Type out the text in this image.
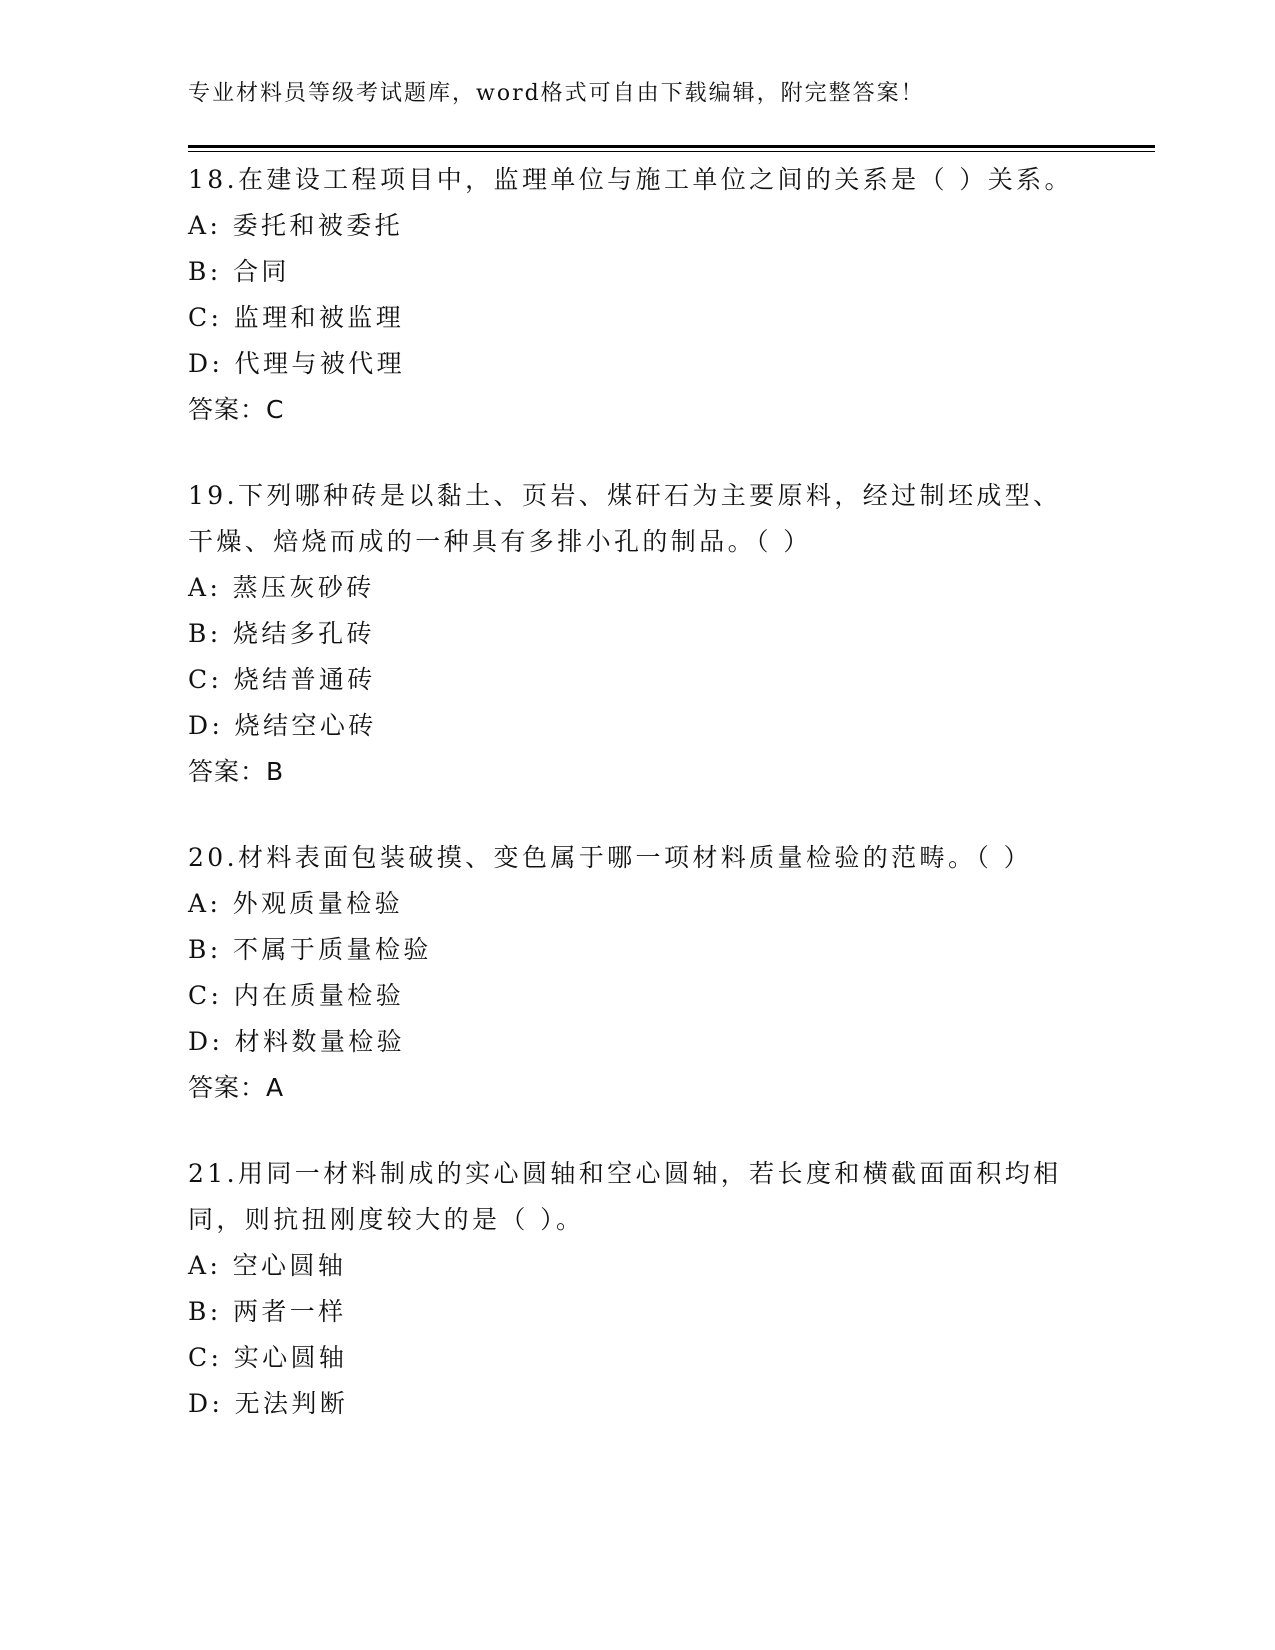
专业材料员等级考试题库，word格式可自由下载编辑，附完整答案！

18.在建设工程项目中，监理单位与施工单位之间的关系是（ ）关系。

A: 委托和被委托

B: 合同

C: 监理和被监理

D: 代理与被代理

答案：C

19.下列哪种砖是以黏土、页岩、煤矸石为主要原料，经过制坯成型、干燥、焙烧而成的一种具有多排小孔的制品。（ ）

A: 蒸压灰砂砖

B: 烧结多孔砖

C: 烧结普通砖

D: 烧结空心砖

答案：B

20.材料表面包装破摸、变色属于哪一项材料质量检验的范畴。（ ）

A: 外观质量检验

B: 不属于质量检验

C: 内在质量检验

D: 材料数量检验

答案：A

21.用同一材料制成的实心圆轴和空心圆轴，若长度和横截面面积均相同，则抗扭刚度较大的是（ ）。

A: 空心圆轴

B: 两者一样

C: 实心圆轴

D: 无法判断
